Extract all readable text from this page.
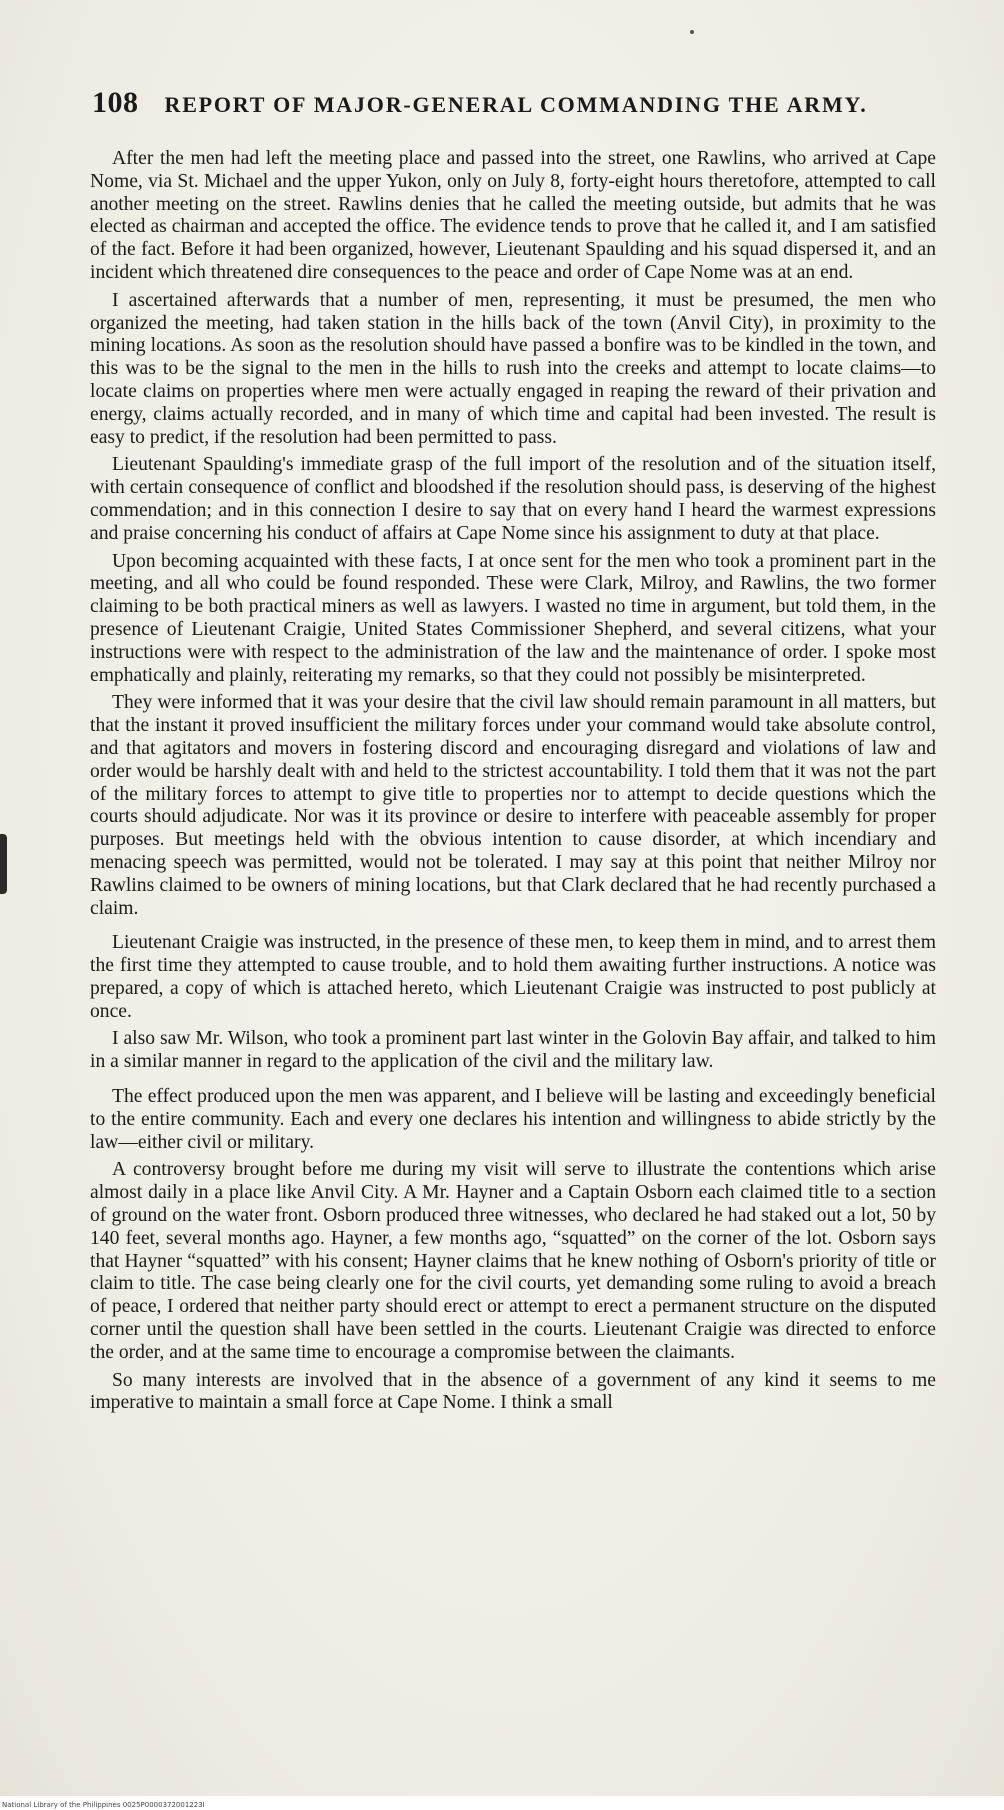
108 REPORT OF MAJOR-GENERAL COMMANDING THE ARMY.

After the men had left the meeting place and passed into the street, one Rawlins, who arrived at Cape Nome, via St. Michael and the upper Yukon, only on July 8, forty-eight hours theretofore, attempted to call another meeting on the street. Rawlins denies that he called the meeting outside, but admits that he was elected as chairman and accepted the office. The evidence tends to prove that he called it, and I am satisfied of the fact. Before it had been organized, however, Lieutenant Spaulding and his squad dispersed it, and an incident which threatened dire consequences to the peace and order of Cape Nome was at an end.

I ascertained afterwards that a number of men, representing, it must be presumed, the men who organized the meeting, had taken station in the hills back of the town (Anvil City), in proximity to the mining locations. As soon as the resolution should have passed a bonfire was to be kindled in the town, and this was to be the signal to the men in the hills to rush into the creeks and attempt to locate claims—to locate claims on properties where men were actually engaged in reaping the reward of their privation and energy, claims actually recorded, and in many of which time and capital had been invested. The result is easy to predict, if the resolution had been permitted to pass.

Lieutenant Spaulding's immediate grasp of the full import of the resolution and of the situation itself, with certain consequence of conflict and bloodshed if the resolution should pass, is deserving of the highest commendation; and in this connection I desire to say that on every hand I heard the warmest expressions and praise concerning his conduct of affairs at Cape Nome since his assignment to duty at that place.

Upon becoming acquainted with these facts, I at once sent for the men who took a prominent part in the meeting, and all who could be found responded. These were Clark, Milroy, and Rawlins, the two former claiming to be both practical miners as well as lawyers. I wasted no time in argument, but told them, in the presence of Lieutenant Craigie, United States Commissioner Shepherd, and several citizens, what your instructions were with respect to the administration of the law and the maintenance of order. I spoke most emphatically and plainly, reiterating my remarks, so that they could not possibly be misinterpreted.

They were informed that it was your desire that the civil law should remain paramount in all matters, but that the instant it proved insufficient the military forces under your command would take absolute control, and that agitators and movers in fostering discord and encouraging disregard and violations of law and order would be harshly dealt with and held to the strictest accountability. I told them that it was not the part of the military forces to attempt to give title to properties nor to attempt to decide questions which the courts should adjudicate. Nor was it its province or desire to interfere with peaceable assembly for proper purposes. But meetings held with the obvious intention to cause disorder, at which incendiary and menacing speech was permitted, would not be tolerated. I may say at this point that neither Milroy nor Rawlins claimed to be owners of mining locations, but that Clark declared that he had recently purchased a claim.

Lieutenant Craigie was instructed, in the presence of these men, to keep them in mind, and to arrest them the first time they attempted to cause trouble, and to hold them awaiting further instructions. A notice was prepared, a copy of which is attached hereto, which Lieutenant Craigie was instructed to post publicly at once.

I also saw Mr. Wilson, who took a prominent part last winter in the Golovin Bay affair, and talked to him in a similar manner in regard to the application of the civil and the military law.

The effect produced upon the men was apparent, and I believe will be lasting and exceedingly beneficial to the entire community. Each and every one declares his intention and willingness to abide strictly by the law—either civil or military.

A controversy brought before me during my visit will serve to illustrate the contentions which arise almost daily in a place like Anvil City. A Mr. Hayner and a Captain Osborn each claimed title to a section of ground on the water front. Osborn produced three witnesses, who declared he had staked out a lot, 50 by 140 feet, several months ago. Hayner, a few months ago, “squatted” on the corner of the lot. Osborn says that Hayner “squatted” with his consent; Hayner claims that he knew nothing of Osborn's priority of title or claim to title. The case being clearly one for the civil courts, yet demanding some ruling to avoid a breach of peace, I ordered that neither party should erect or attempt to erect a permanent structure on the disputed corner until the question shall have been settled in the courts. Lieutenant Craigie was directed to enforce the order, and at the same time to encourage a compromise between the claimants.

So many interests are involved that in the absence of a government of any kind it seems to me imperative to maintain a small force at Cape Nome. I think a small

National Library of the Philippines 0025P0000372001223I
